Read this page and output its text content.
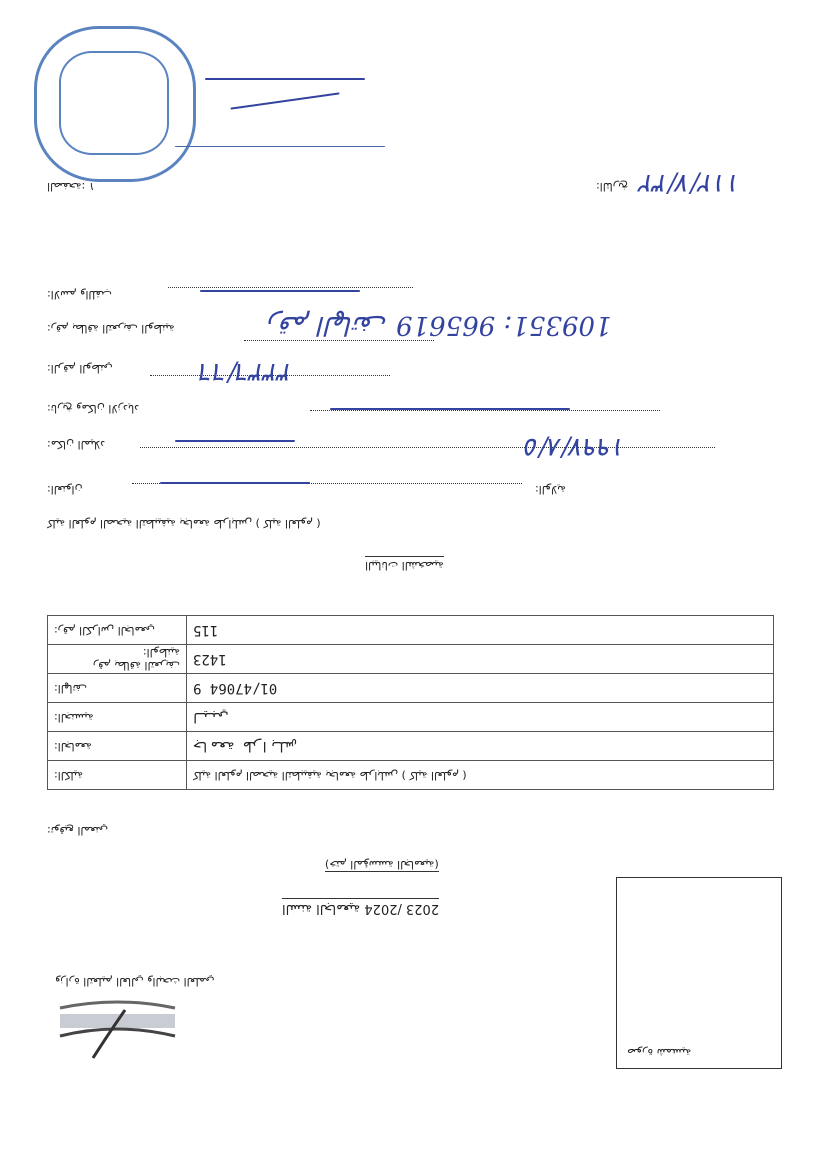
الصفحة: ١	التاريخ:	١١٢/٧/٣٢
الاسم واللقب:
109351: رقم الهاتف 965619
رقم بطاقة التعريف الوطنية:
٣٣٣٦/٦٦
الرقم الوطني:
تاريخ ومكان الازدياد:
١٩٩٧/٨/٥
مكان الميلاد:
العنوان:	الولاية:
( كلية العلوم ) كلية العلوم الصحية التطبيقية بجامعة طرابلس
البيانات الشخصية
رقم الكراس الجامعي:	115
رقم بطاقة التعريف الوطنية:	1423
الهاتف:	01/47064 9
الجنسية:	ليبي
الجامعة:	جامعة طرابلس
الكلية:	( كلية العلوم ) كلية العلوم الصحية التطبيقية بجامعة طرابلس
توقيع المعني:
(ختم المؤسسة الجامعية)
2023 /2024 السنة الجامعية
صورة شمسية
وزارة التعليم العالي والبحث العلمي
